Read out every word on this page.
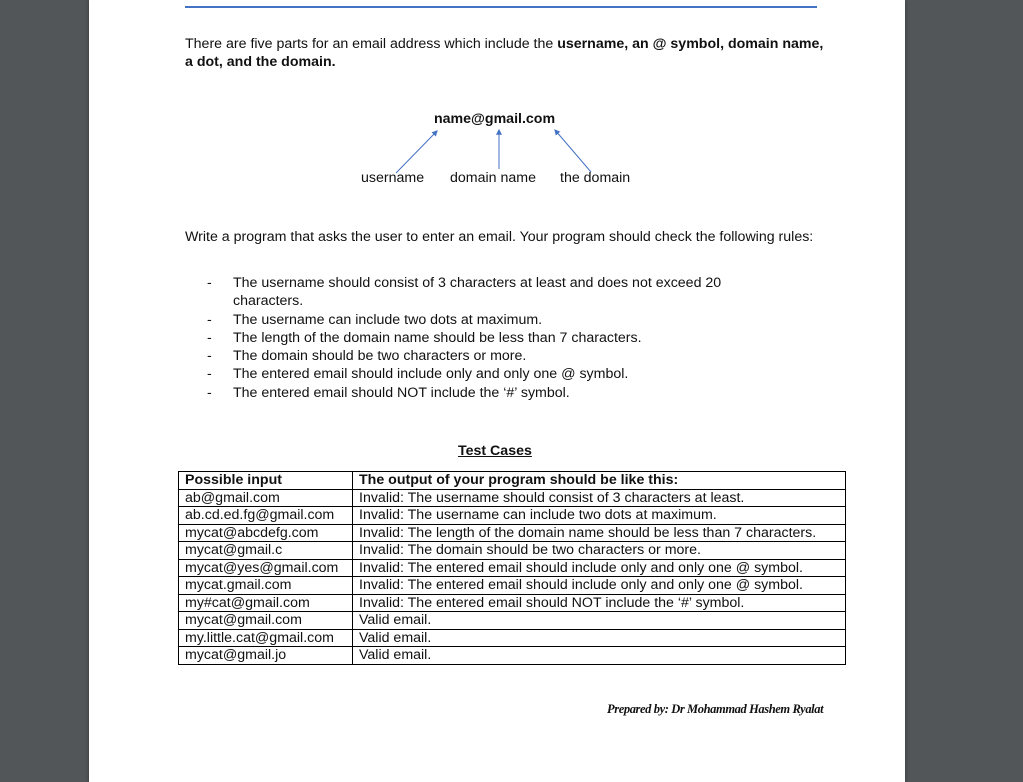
There are five parts for an email address which include the username, an @ symbol, domain name, a dot, and the domain.
name@gmail.com
username domain name the domain
Write a program that asks the user to enter an email. Your program should check the following rules:
- The username should consist of 3 characters at least and does not exceed 20 characters.
- The username can include two dots at maximum.
- The length of the domain name should be less than 7 characters.
- The domain should be two characters or more.
- The entered email should include only and only one @ symbol.
- The entered email should NOT include the ‘#’ symbol.
Test Cases
Possible input	The output of your program should be like this:
ab@gmail.com	Invalid: The username should consist of 3 characters at least.
ab.cd.ed.fg@gmail.com	Invalid: The username can include two dots at maximum.
mycat@abcdefg.com	Invalid: The length of the domain name should be less than 7 characters.
mycat@gmail.c	Invalid: The domain should be two characters or more.
mycat@yes@gmail.com	Invalid: The entered email should include only and only one @ symbol.
mycat.gmail.com	Invalid: The entered email should include only and only one @ symbol.
my#cat@gmail.com	Invalid: The entered email should NOT include the ‘#’ symbol.
mycat@gmail.com	Valid email.
my.little.cat@gmail.com	Valid email.
mycat@gmail.jo	Valid email.
Prepared by: Dr Mohammad Hashem Ryalat
